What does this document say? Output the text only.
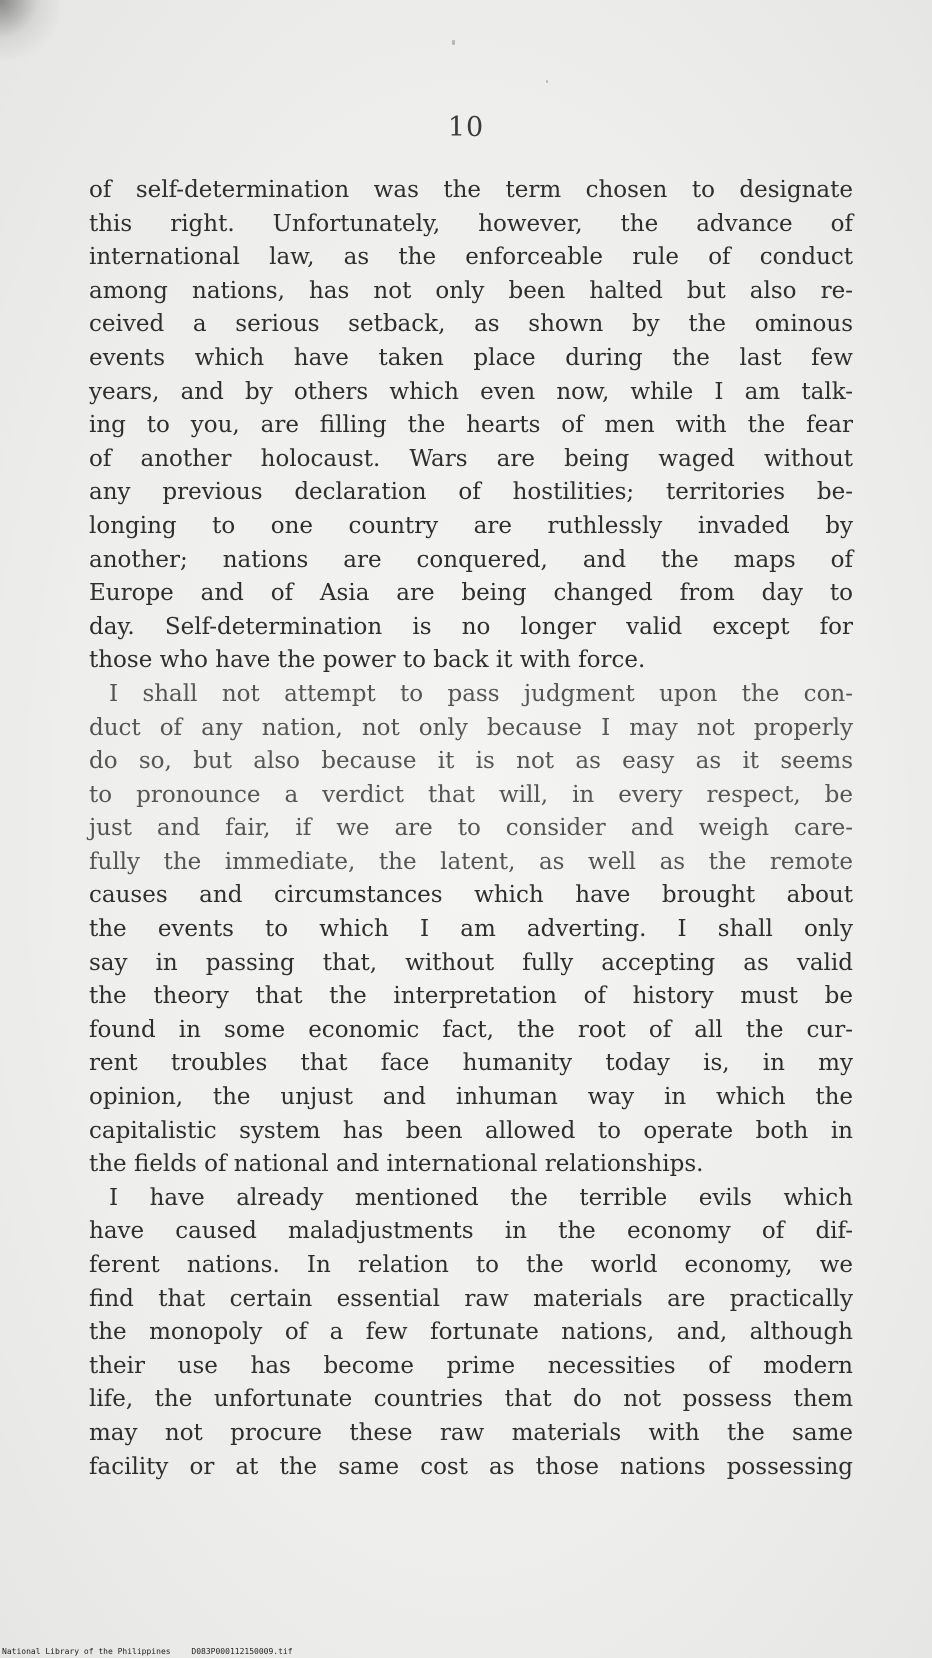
10
of self-determination was the term chosen to designate
this right. Unfortunately, however, the advance of
international law, as the enforceable rule of conduct
among nations, has not only been halted but also re-
ceived a serious setback, as shown by the ominous
events which have taken place during the last few
years, and by others which even now, while I am talk-
ing to you, are filling the hearts of men with the fear
of another holocaust. Wars are being waged without
any previous declaration of hostilities; territories be-
longing to one country are ruthlessly invaded by
another; nations are conquered, and the maps of
Europe and of Asia are being changed from day to
day. Self-determination is no longer valid except for
those who have the power to back it with force.
I shall not attempt to pass judgment upon the con-
duct of any nation, not only because I may not properly
do so, but also because it is not as easy as it seems
to pronounce a verdict that will, in every respect, be
just and fair, if we are to consider and weigh care-
fully the immediate, the latent, as well as the remote
causes and circumstances which have brought about
the events to which I am adverting. I shall only
say in passing that, without fully accepting as valid
the theory that the interpretation of history must be
found in some economic fact, the root of all the cur-
rent troubles that face humanity today is, in my
opinion, the unjust and inhuman way in which the
capitalistic system has been allowed to operate both in
the fields of national and international relationships.
I have already mentioned the terrible evils which
have caused maladjustments in the economy of dif-
ferent nations. In relation to the world economy, we
find that certain essential raw materials are practically
the monopoly of a few fortunate nations, and, although
their use has become prime necessities of modern
life, the unfortunate countries that do not possess them
may not procure these raw materials with the same
facility or at the same cost as those nations possessing
National Library of the Philippines	D083P000112150009.tif
